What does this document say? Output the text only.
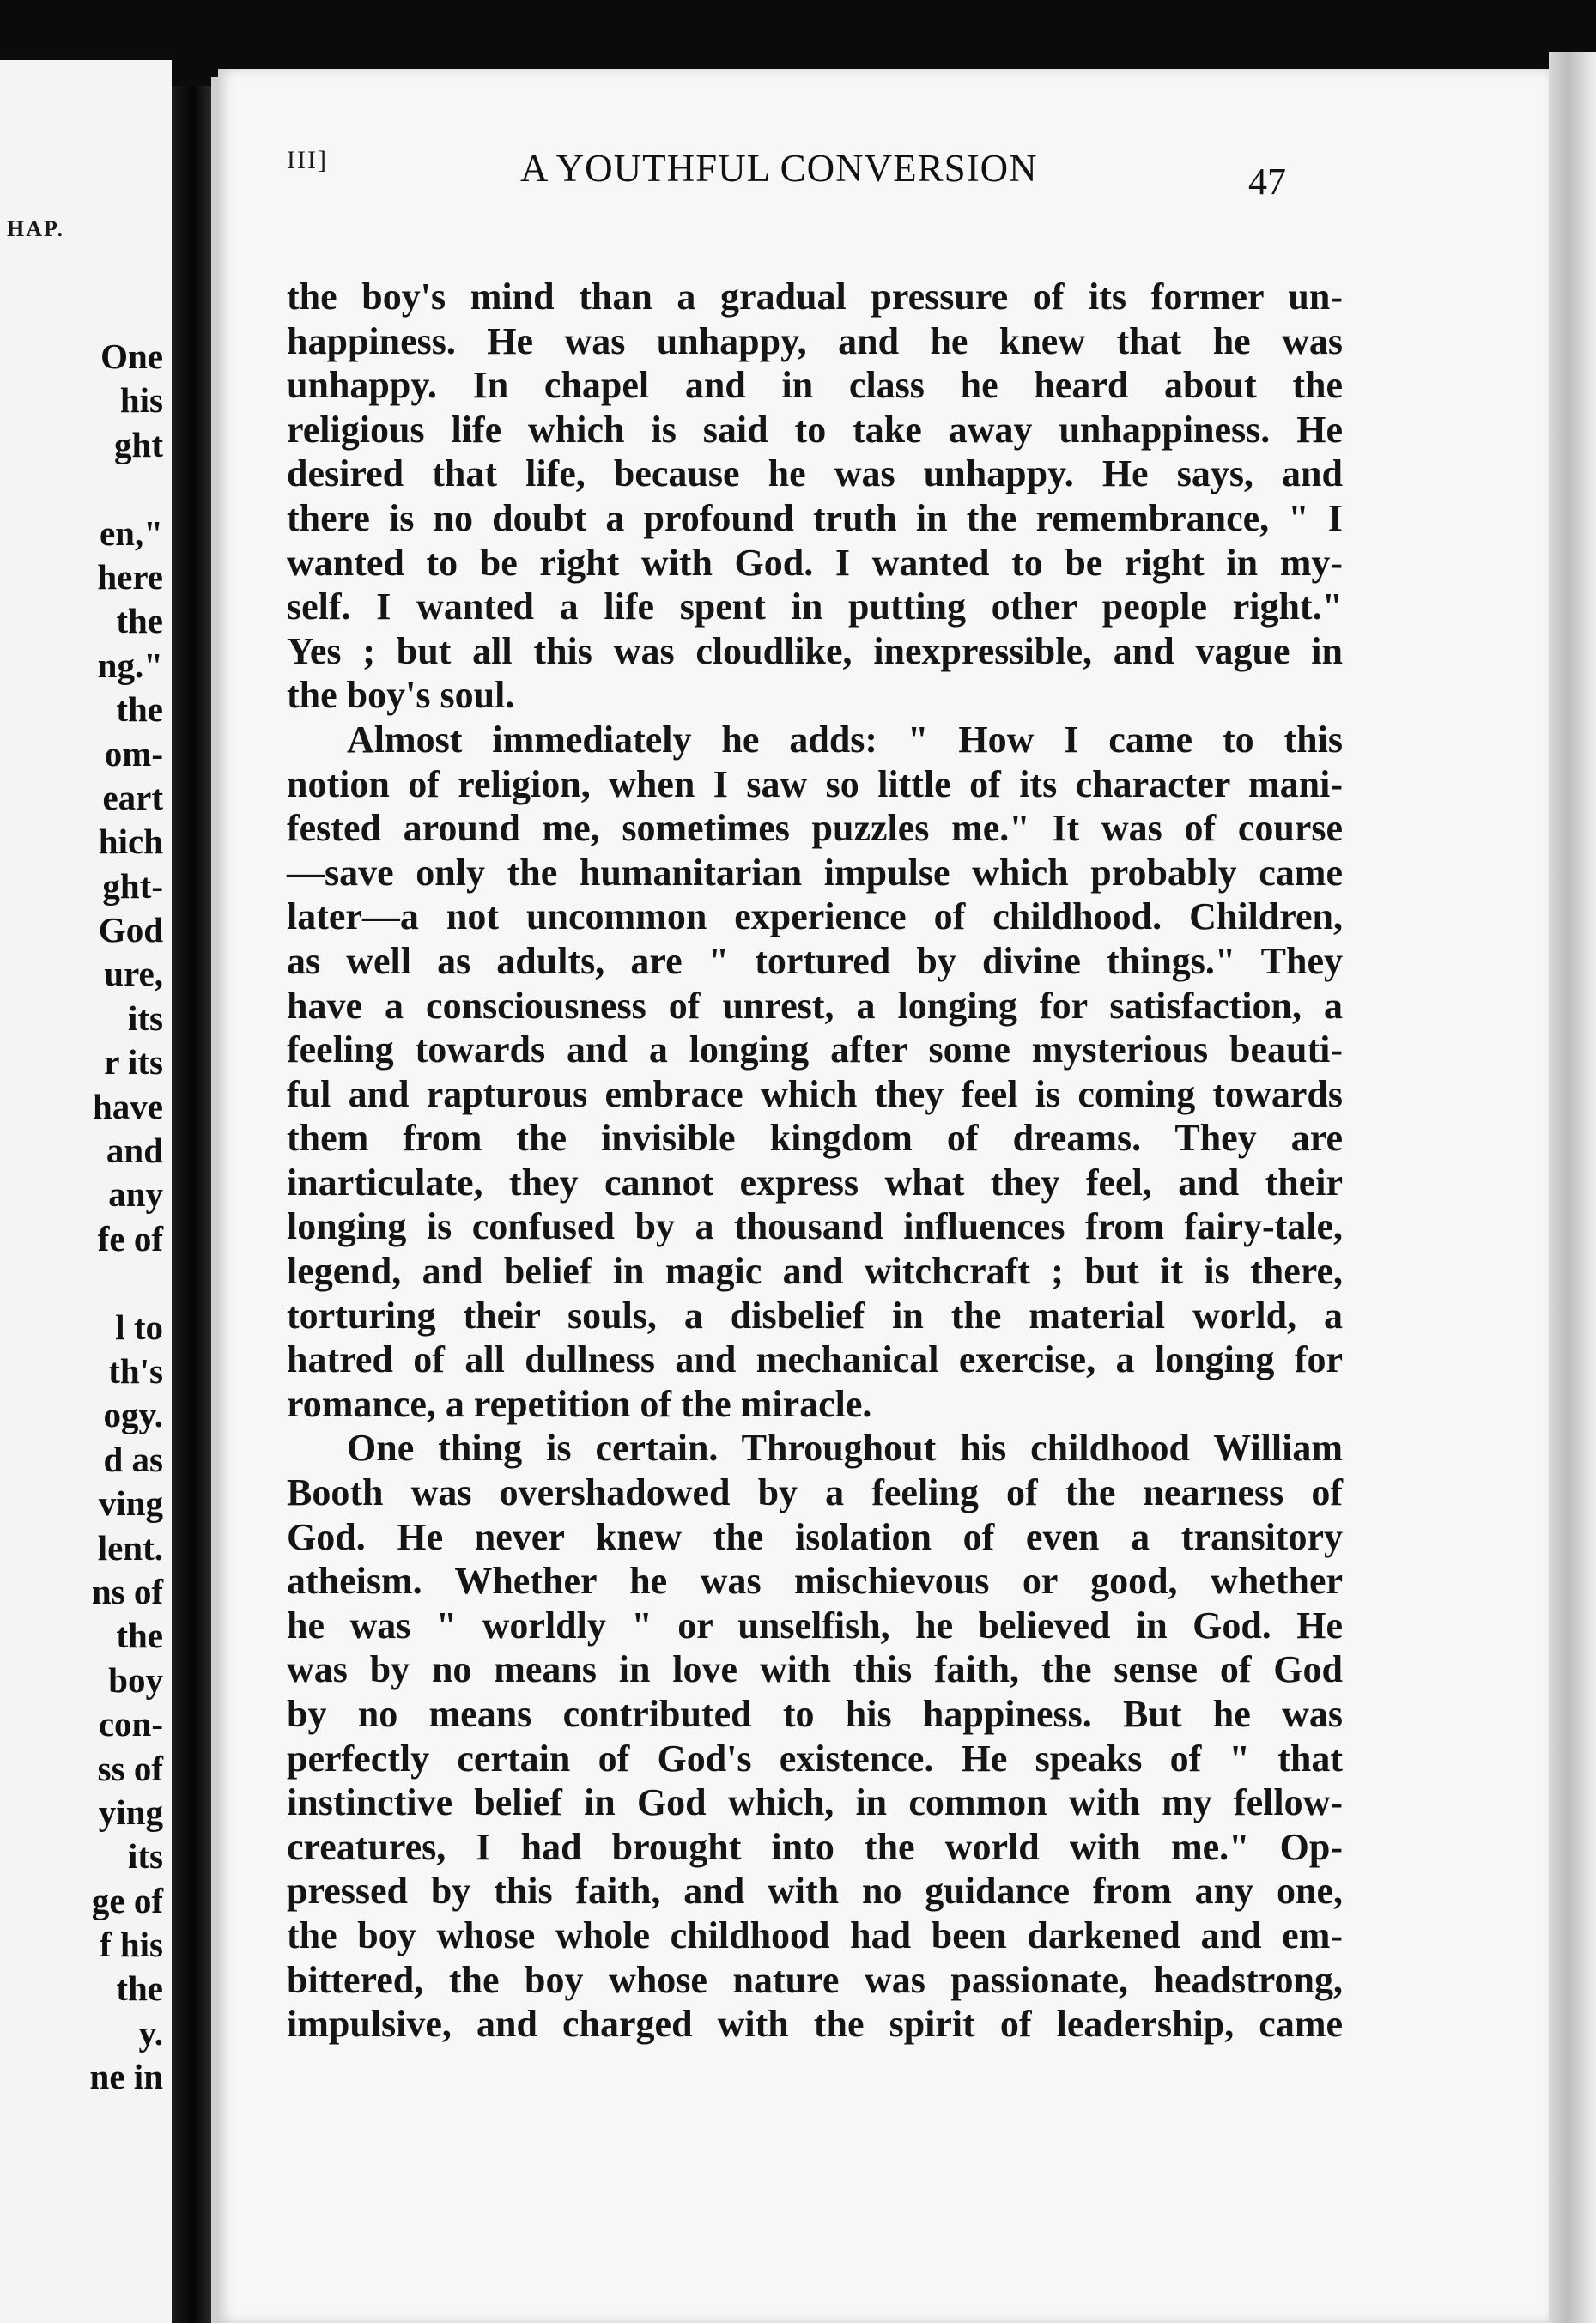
HAP.
One
his
ght
en,"
here
the
ng."
the
om-
eart
hich
ght-
God
ure,
its
r its
have
and
any
fe of
l to
th's
ogy.
d as
ving
lent.
ns of
the
boy
con-
ss of
ying
its
ge of
f his
the
y.
ne in
III]	A YOUTHFUL CONVERSION	47
the boy's mind than a gradual pressure of its former un-
happiness. He was unhappy, and he knew that he was
unhappy. In chapel and in class he heard about the
religious life which is said to take away unhappiness. He
desired that life, because he was unhappy. He says, and
there is no doubt a profound truth in the remembrance, " I
wanted to be right with God. I wanted to be right in my-
self. I wanted a life spent in putting other people right."
Yes ; but all this was cloudlike, inexpressible, and vague in
the boy's soul.
Almost immediately he adds: " How I came to this
notion of religion, when I saw so little of its character mani-
fested around me, sometimes puzzles me." It was of course
—save only the humanitarian impulse which probably came
later—a not uncommon experience of childhood. Children,
as well as adults, are " tortured by divine things." They
have a consciousness of unrest, a longing for satisfaction, a
feeling towards and a longing after some mysterious beauti-
ful and rapturous embrace which they feel is coming towards
them from the invisible kingdom of dreams. They are
inarticulate, they cannot express what they feel, and their
longing is confused by a thousand influences from fairy-tale,
legend, and belief in magic and witchcraft ; but it is there,
torturing their souls, a disbelief in the material world, a
hatred of all dullness and mechanical exercise, a longing for
romance, a repetition of the miracle.
One thing is certain. Throughout his childhood William
Booth was overshadowed by a feeling of the nearness of
God. He never knew the isolation of even a transitory
atheism. Whether he was mischievous or good, whether
he was " worldly " or unselfish, he believed in God. He
was by no means in love with this faith, the sense of God
by no means contributed to his happiness. But he was
perfectly certain of God's existence. He speaks of " that
instinctive belief in God which, in common with my fellow-
creatures, I had brought into the world with me." Op-
pressed by this faith, and with no guidance from any one,
the boy whose whole childhood had been darkened and em-
bittered, the boy whose nature was passionate, headstrong,
impulsive, and charged with the spirit of leadership, came
